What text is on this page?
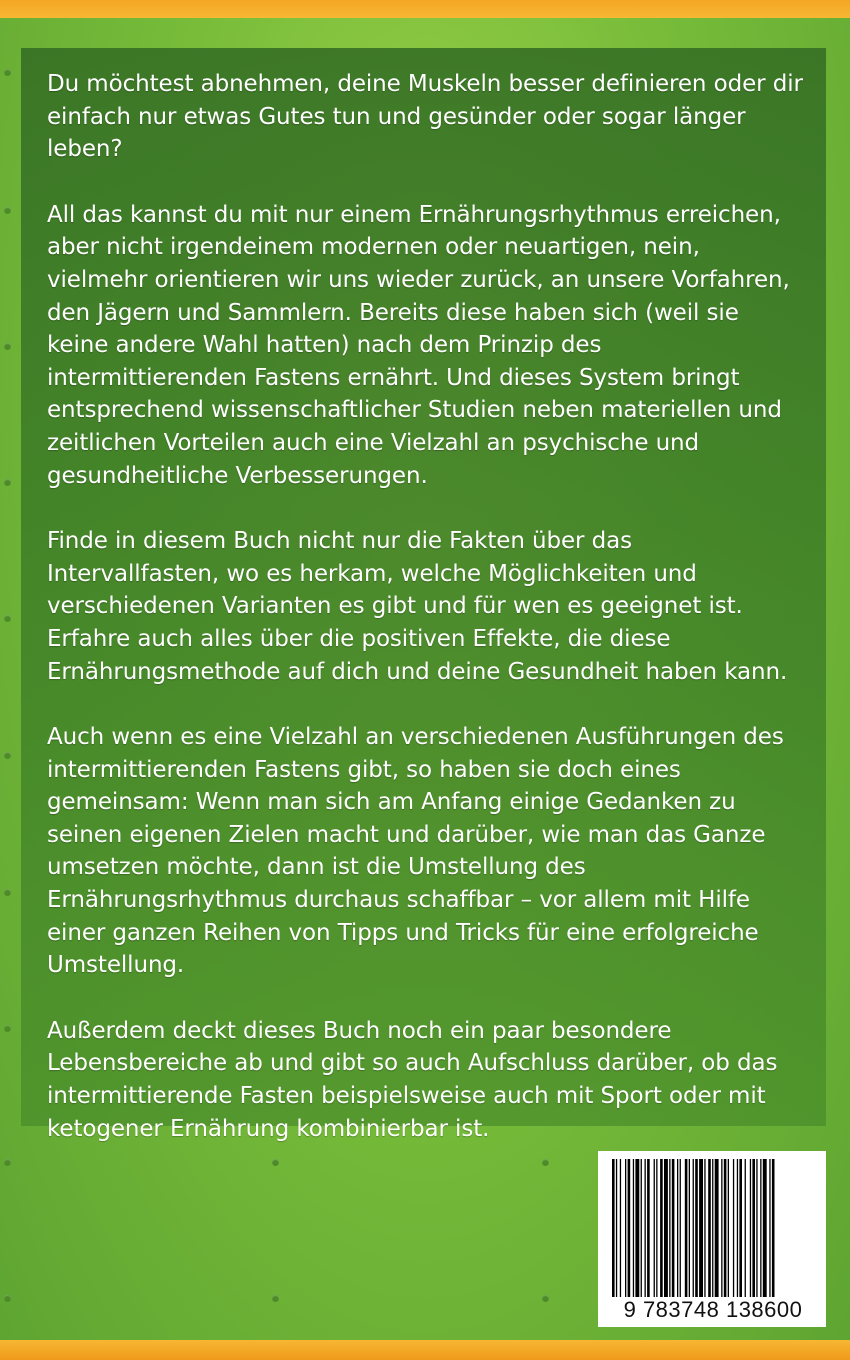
Du möchtest abnehmen, deine Muskeln besser definieren oder dir einfach nur etwas Gutes tun und gesünder oder sogar länger leben?

All das kannst du mit nur einem Ernährungsrhythmus erreichen, aber nicht irgendeinem modernen oder neuartigen, nein, vielmehr orientieren wir uns wieder zurück, an unsere Vorfahren, den Jägern und Sammlern. Bereits diese haben sich (weil sie keine andere Wahl hatten) nach dem Prinzip des intermittierenden Fastens ernährt. Und dieses System bringt entsprechend wissenschaftlicher Studien neben materiellen und zeitlichen Vorteilen auch eine Vielzahl an psychische und gesundheitliche Verbesserungen.

Finde in diesem Buch nicht nur die Fakten über das Intervallfasten, wo es herkam, welche Möglichkeiten und verschiedenen Varianten es gibt und für wen es geeignet ist. Erfahre auch alles über die positiven Effekte, die diese Ernährungsmethode auf dich und deine Gesundheit haben kann.

Auch wenn es eine Vielzahl an verschiedenen Ausführungen des intermittierenden Fastens gibt, so haben sie doch eines gemeinsam: Wenn man sich am Anfang einige Gedanken zu seinen eigenen Zielen macht und darüber, wie man das Ganze umsetzen möchte, dann ist die Umstellung des Ernährungsrhythmus durchaus schaffbar – vor allem mit Hilfe einer ganzen Reihen von Tipps und Tricks für eine erfolgreiche Umstellung.

Außerdem deckt dieses Buch noch ein paar besondere Lebensbereiche ab und gibt so auch Aufschluss darüber, ob das intermittierende Fasten beispielsweise auch mit Sport oder mit ketogener Ernährung kombinierbar ist.

9 783748 138600
